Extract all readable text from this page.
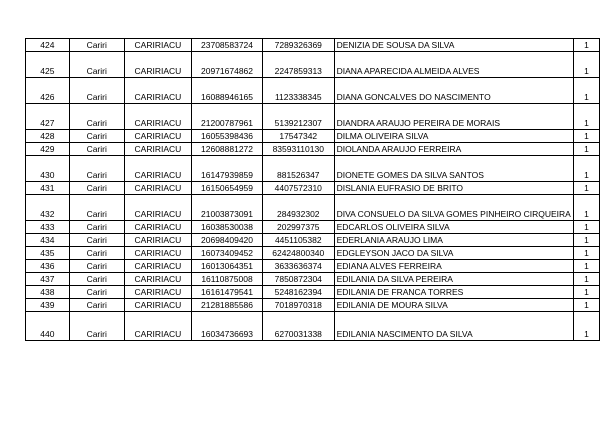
424	Cariri	CARIRIACU	23708583724	7289326369	DENIZIA DE SOUSA DA SILVA	1
425	Cariri	CARIRIACU	20971674862	2247859313	DIANA APARECIDA ALMEIDA ALVES	1
426	Cariri	CARIRIACU	16088946165	1123338345	DIANA GONCALVES DO NASCIMENTO	1
427	Cariri	CARIRIACU	21200787961	5139212307	DIANDRA ARAUJO PEREIRA DE MORAIS	1
428	Cariri	CARIRIACU	16055398436	17547342	DILMA OLIVEIRA SILVA	1
429	Cariri	CARIRIACU	12608881272	83593110130	DIOLANDA ARAUJO FERREIRA	1
430	Cariri	CARIRIACU	16147939859	881526347	DIONETE GOMES DA SILVA SANTOS	1
431	Cariri	CARIRIACU	16150654959	4407572310	DISLANIA EUFRASIO DE BRITO	1
432	Cariri	CARIRIACU	21003873091	284932302	DIVA CONSUELO DA SILVA GOMES PINHEIRO CIRQUEIRA	1
433	Cariri	CARIRIACU	16038530038	202997375	EDCARLOS OLIVEIRA SILVA	1
434	Cariri	CARIRIACU	20698409420	4451105382	EDERLANIA ARAUJO LIMA	1
435	Cariri	CARIRIACU	16073409452	62424800340	EDGLEYSON JACO DA SILVA	1
436	Cariri	CARIRIACU	16013064351	3633636374	EDIANA ALVES FERREIRA	1
437	Cariri	CARIRIACU	16110875008	7850872304	EDILANIA DA SILVA PEREIRA	1
438	Cariri	CARIRIACU	16161479541	5248162394	EDILANIA DE FRANCA TORRES	1
439	Cariri	CARIRIACU	21281885586	7018970318	EDILANIA DE MOURA SILVA	1
440	Cariri	CARIRIACU	16034736693	6270031338	EDILANIA NASCIMENTO DA SILVA	1
